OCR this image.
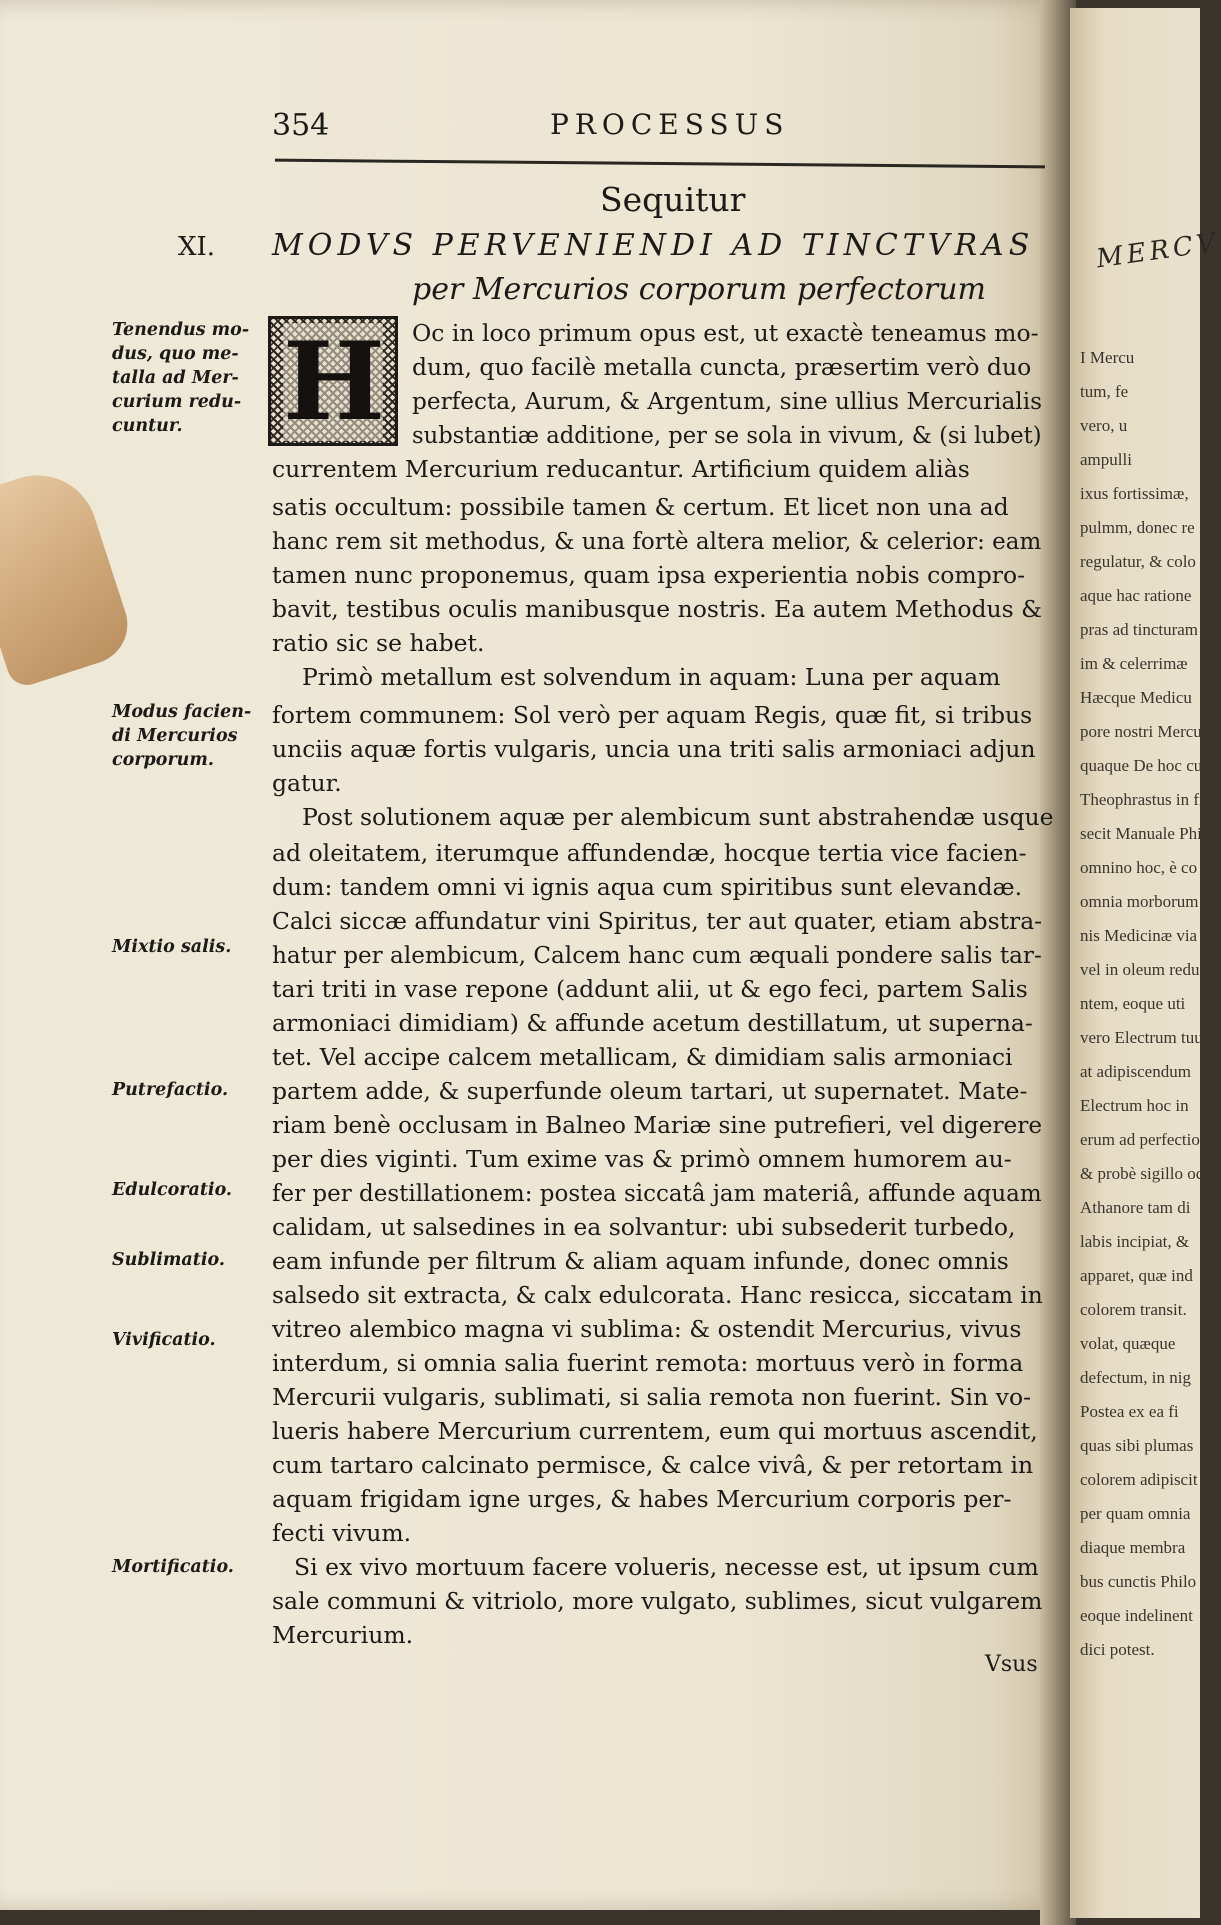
MERCV
I Mercu
tum, fe
vero, u
ampulli
ixus fortissimæ,
pulmm, donec re
regulatur, & colo
aque hac ratione
pras ad tincturam
im & celerrimæ
Hæcque Medicu
pore nostri Mercur
quaque De hoc cu
Theophrastus in fi
secit Manuale Phil
omnino hoc, è co
omnia morborum
nis Medicinæ via
vel in oleum redu
ntem, eoque uti
vero Electrum tuu
at adipiscendum
Electrum hoc in
erum ad perfection
& probè sigillo oc
Athanore tam di
labis incipiat, &
apparet, quæ ind
colorem transit.
volat, quæque
defectum, in nig
Postea ex ea fi
quas sibi plumas
colorem adipiscit
per quam omnia
diaque membra
bus cunctis Philo
eoque indelinent
dici potest.
354	PROCESSUS
Sequitur
XI. MODVS PERVENIENDI AD TINCTVRAS
per Mercurios corporum perfectorum
H
Tenendus mo-
dus, quo me-
talla ad Mer-
curium redu-
cuntur.
Modus facien-
di Mercurios
corporum.
Mixtio salis.
Putrefactio.
Edulcoratio.
Sublimatio.
Vivificatio.
Mortificatio.
Oc in loco primum opus est, ut exactè teneamus mo-
dum, quo facilè metalla cuncta, præsertim verò duo
perfecta, Aurum, & Argentum, sine ullius Mercurialis
substantiæ additione, per se sola in vivum, & (si lubet)
currentem Mercurium reducantur. Artificium quidem aliàs
satis occultum: possibile tamen & certum. Et licet non una ad
hanc rem sit methodus, & una fortè altera melior, & celerior: eam
tamen nunc proponemus, quam ipsa experientia nobis compro-
bavit, testibus oculis manibusque nostris. Ea autem Methodus &
ratio sic se habet.
Primò metallum est solvendum in aquam: Luna per aquam
fortem communem: Sol verò per aquam Regis, quæ fit, si tribus
unciis aquæ fortis vulgaris, uncia una triti salis armoniaci adjun
gatur.
Post solutionem aquæ per alembicum sunt abstrahendæ usque
ad oleitatem, iterumque affundendæ, hocque tertia vice facien-
dum: tandem omni vi ignis aqua cum spiritibus sunt elevandæ.
Calci siccæ affundatur vini Spiritus, ter aut quater, etiam abstra-
hatur per alembicum, Calcem hanc cum æquali pondere salis tar-
tari triti in vase repone (addunt alii, ut & ego feci, partem Salis
armoniaci dimidiam) & affunde acetum destillatum, ut superna-
tet. Vel accipe calcem metallicam, & dimidiam salis armoniaci
partem adde, & superfunde oleum tartari, ut supernatet. Mate-
riam benè occlusam in Balneo Mariæ sine putrefieri, vel digerere
per dies viginti. Tum exime vas & primò omnem humorem au-
fer per destillationem: postea siccatâ jam materiâ, affunde aquam
calidam, ut salsedines in ea solvantur: ubi subsederit turbedo,
eam infunde per filtrum & aliam aquam infunde, donec omnis
salsedo sit extracta, & calx edulcorata. Hanc resicca, siccatam in
vitreo alembico magna vi sublima: & ostendit Mercurius, vivus
interdum, si omnia salia fuerint remota: mortuus verò in forma
Mercurii vulgaris, sublimati, si salia remota non fuerint. Sin vo-
lueris habere Mercurium currentem, eum qui mortuus ascendit,
cum tartaro calcinato permisce, & calce vivâ, & per retortam in
aquam frigidam igne urges, & habes Mercurium corporis per-
fecti vivum.
Si ex vivo mortuum facere volueris, necesse est, ut ipsum cum
sale communi & vitriolo, more vulgato, sublimes, sicut vulgarem
Mercurium.
Vsus
